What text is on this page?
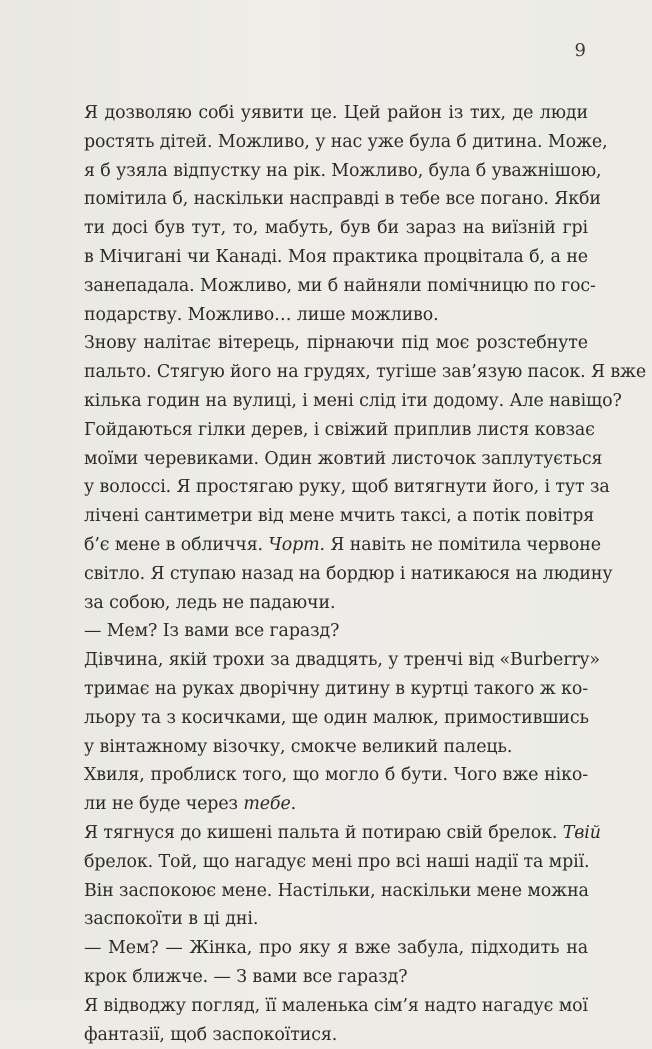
9

Я дозволяю собі уявити це. Цей район із тих, де люди
ростять дітей. Можливо, у нас уже була б дитина. Може,
я б узяла відпустку на рік. Можливо, була б уважнішою,
помітила б, наскільки насправді в тебе все погано. Якби
ти досі був тут, то, мабуть, був би зараз на виїзній грі
в Мічигані чи Канаді. Моя практика процвітала б, а не
занепадала. Можливо, ми б найняли помічницю по гос-
подарству. Можливо… лише можливо.

Знову налітає вітерець, пірнаючи під моє розстебнуте
пальто. Стягую його на грудях, тугіше зав’язую пасок. Я вже
кілька годин на вулиці, і мені слід іти додому. Але навіщо?

Гойдаються гілки дерев, і свіжий приплив листя ковзає
моїми черевиками. Один жовтий листочок заплутується
у волоссі. Я простягаю руку, щоб витягнути його, і тут за
лічені сантиметри від мене мчить таксі, а потік повітря
б’є мене в обличчя. Чорт. Я навіть не помітила червоне
світло. Я ступаю назад на бордюр і натикаюся на людину
за собою, ледь не падаючи.

— Мем? Із вами все гаразд?

Дівчина, якій трохи за двадцять, у тренчі від «Burberry»
тримає на руках дворічну дитину в куртці такого ж ко-
льору та з косичками, ще один малюк, примостившись
у вінтажному візочку, смокче великий палець.

Хвиля, проблиск того, що могло б бути. Чого вже ніко-
ли не буде через тебе.

Я тягнуся до кишені пальта й потираю свій брелок. Твій
брелок. Той, що нагадує мені про всі наші надії та мрії.
Він заспокоює мене. Настільки, наскільки мене можна
заспокоїти в ці дні.

— Мем? — Жінка, про яку я вже забула, підходить на
крок ближче. — З вами все гаразд?

Я відводжу погляд, її маленька сім’я надто нагадує мої
фантазії, щоб заспокоїтися.
